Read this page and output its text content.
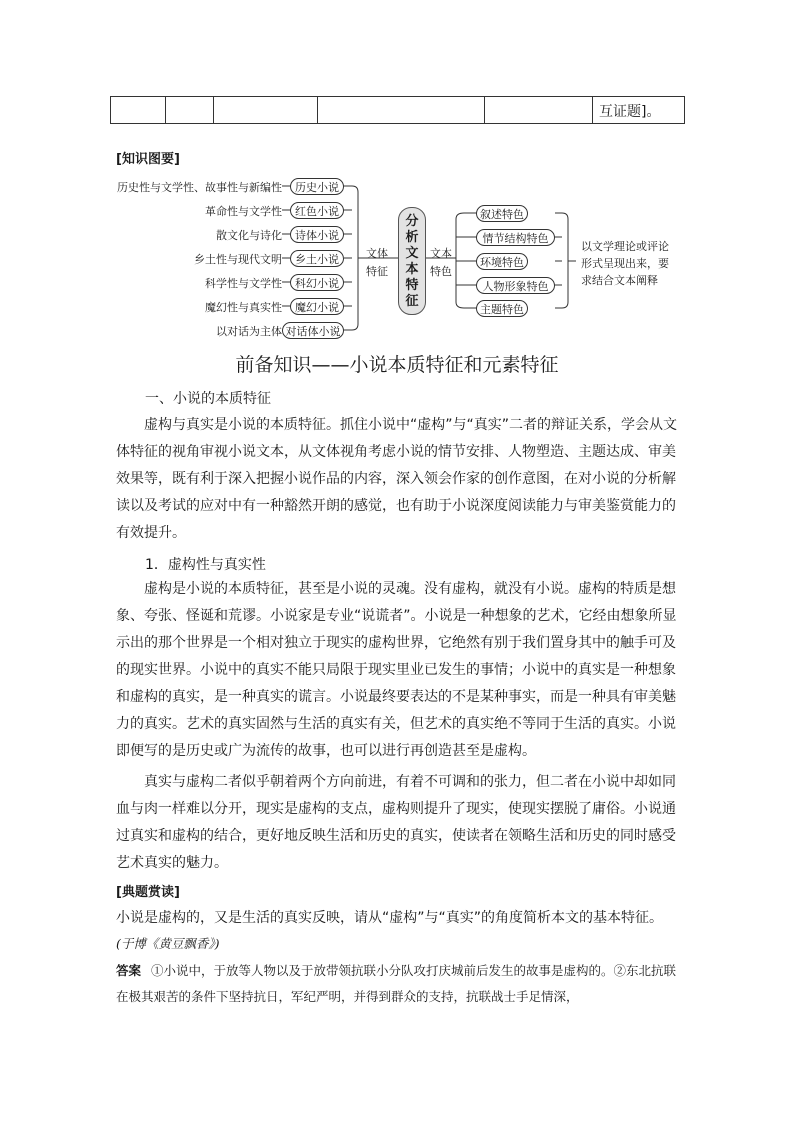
互证题]。
[知识图要]
历史性与文学性、故事性与新编性
革命性与文学性
散文化与诗化
乡土性与现代文明
科学性与文学性
魔幻性与真实性
以对话为主体
历史小说
红色小说
诗体小说
乡土小说
科幻小说
魔幻小说
对话体小说
文体
特征
分
析
文
本
特
征
文本
特色
叙述特色
情节结构特色
环境特色
人物形象特色
主题特色
以文学理论或评论
形式呈现出来，要
求结合文本阐释
前备知识——小说本质特征和元素特征
一、小说的本质特征
虚构与真实是小说的本质特征。抓住小说中“虚构”与“真实”二者的辩证关系，学会从文体特征的视角审视小说文本，从文体视角考虑小说的情节安排、人物塑造、主题达成、审美效果等，既有利于深入把握小说作品的内容，深入领会作家的创作意图，在对小说的分析解读以及考试的应对中有一种豁然开朗的感觉，也有助于小说深度阅读能力与审美鉴赏能力的有效提升。
1．虚构性与真实性
虚构是小说的本质特征，甚至是小说的灵魂。没有虚构，就没有小说。虚构的特质是想象、夸张、怪诞和荒谬。小说家是专业“说谎者”。小说是一种想象的艺术，它经由想象所显示出的那个世界是一个相对独立于现实的虚构世界，它绝然有别于我们置身其中的触手可及的现实世界。小说中的真实不能只局限于现实里业已发生的事情；小说中的真实是一种想象和虚构的真实，是一种真实的谎言。小说最终要表达的不是某种事实，而是一种具有审美魅力的真实。艺术的真实固然与生活的真实有关，但艺术的真实绝不等同于生活的真实。小说即便写的是历史或广为流传的故事，也可以进行再创造甚至是虚构。
真实与虚构二者似乎朝着两个方向前进，有着不可调和的张力，但二者在小说中却如同血与肉一样难以分开，现实是虚构的支点，虚构则提升了现实，使现实摆脱了庸俗。小说通过真实和虚构的结合，更好地反映生活和历史的真实，使读者在领略生活和历史的同时感受艺术真实的魅力。
[典题赏读]
小说是虚构的，又是生活的真实反映，请从“虚构”与“真实”的角度简析本文的基本特征。
(于博《黄豆飘香》)
答案 ①小说中，于放等人物以及于放带领抗联小分队攻打庆城前后发生的故事是虚构的。②东北抗联在极其艰苦的条件下坚持抗日，军纪严明，并得到群众的支持，抗联战士手足情深，
